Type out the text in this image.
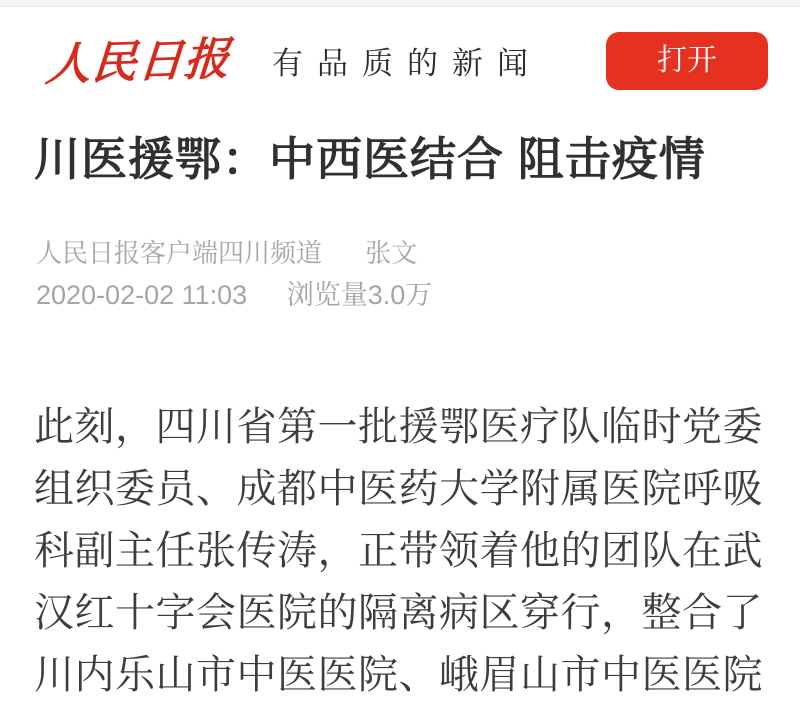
人民日报 有品质的新闻	打开
川医援鄂：中西医结合 阻击疫情
人民日报客户端四川频道 张文
2020-02-02 11:03 浏览量3.0万

此刻，四川省第一批援鄂医疗队临时党委

组织委员、成都中医药大学附属医院呼吸

科副主任张传涛，正带领着他的团队在武

汉红十字会医院的隔离病区穿行，整合了

川内乐山市中医医院、峨眉山市中医医院
